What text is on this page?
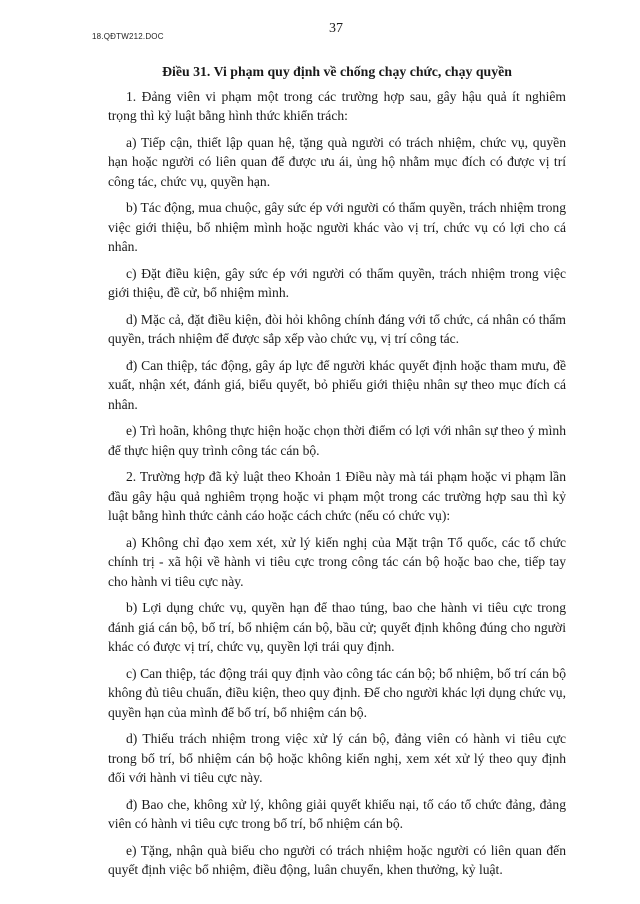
18.QĐTW212.DOC
37
Điều 31. Vi phạm quy định về chống chạy chức, chạy quyền

1. Đảng viên vi phạm một trong các trường hợp sau, gây hậu quả ít nghiêm trọng thì kỷ luật bằng hình thức khiển trách:

a) Tiếp cận, thiết lập quan hệ, tặng quà người có trách nhiệm, chức vụ, quyền hạn hoặc người có liên quan để được ưu ái, ủng hộ nhằm mục đích có được vị trí công tác, chức vụ, quyền hạn.

b) Tác động, mua chuộc, gây sức ép với người có thẩm quyền, trách nhiệm trong việc giới thiệu, bổ nhiệm mình hoặc người khác vào vị trí, chức vụ có lợi cho cá nhân.

c) Đặt điều kiện, gây sức ép với người có thẩm quyền, trách nhiệm trong việc giới thiệu, đề cử, bổ nhiệm mình.

d) Mặc cả, đặt điều kiện, đòi hỏi không chính đáng với tổ chức, cá nhân có thẩm quyền, trách nhiệm để được sắp xếp vào chức vụ, vị trí công tác.

đ) Can thiệp, tác động, gây áp lực để người khác quyết định hoặc tham mưu, đề xuất, nhận xét, đánh giá, biểu quyết, bỏ phiếu giới thiệu nhân sự theo mục đích cá nhân.

e) Trì hoãn, không thực hiện hoặc chọn thời điểm có lợi với nhân sự theo ý mình để thực hiện quy trình công tác cán bộ.

2. Trường hợp đã kỷ luật theo Khoản 1 Điều này mà tái phạm hoặc vi phạm lần đầu gây hậu quả nghiêm trọng hoặc vi phạm một trong các trường hợp sau thì kỷ luật bằng hình thức cảnh cáo hoặc cách chức (nếu có chức vụ):

a) Không chỉ đạo xem xét, xử lý kiến nghị của Mặt trận Tổ quốc, các tổ chức chính trị - xã hội về hành vi tiêu cực trong công tác cán bộ hoặc bao che, tiếp tay cho hành vi tiêu cực này.

b) Lợi dụng chức vụ, quyền hạn để thao túng, bao che hành vi tiêu cực trong đánh giá cán bộ, bố trí, bổ nhiệm cán bộ, bầu cử; quyết định không đúng cho người khác có được vị trí, chức vụ, quyền lợi trái quy định.

c) Can thiệp, tác động trái quy định vào công tác cán bộ; bổ nhiệm, bố trí cán bộ không đủ tiêu chuẩn, điều kiện, theo quy định. Để cho người khác lợi dụng chức vụ, quyền hạn của mình để bố trí, bổ nhiệm cán bộ.

d) Thiếu trách nhiệm trong việc xử lý cán bộ, đảng viên có hành vi tiêu cực trong bố trí, bổ nhiệm cán bộ hoặc không kiến nghị, xem xét xử lý theo quy định đối với hành vi tiêu cực này.

đ) Bao che, không xử lý, không giải quyết khiếu nại, tố cáo tổ chức đảng, đảng viên có hành vi tiêu cực trong bố trí, bổ nhiệm cán bộ.

e) Tặng, nhận quà biếu cho người có trách nhiệm hoặc người có liên quan đến quyết định việc bổ nhiệm, điều động, luân chuyển, khen thưởng, kỷ luật.
